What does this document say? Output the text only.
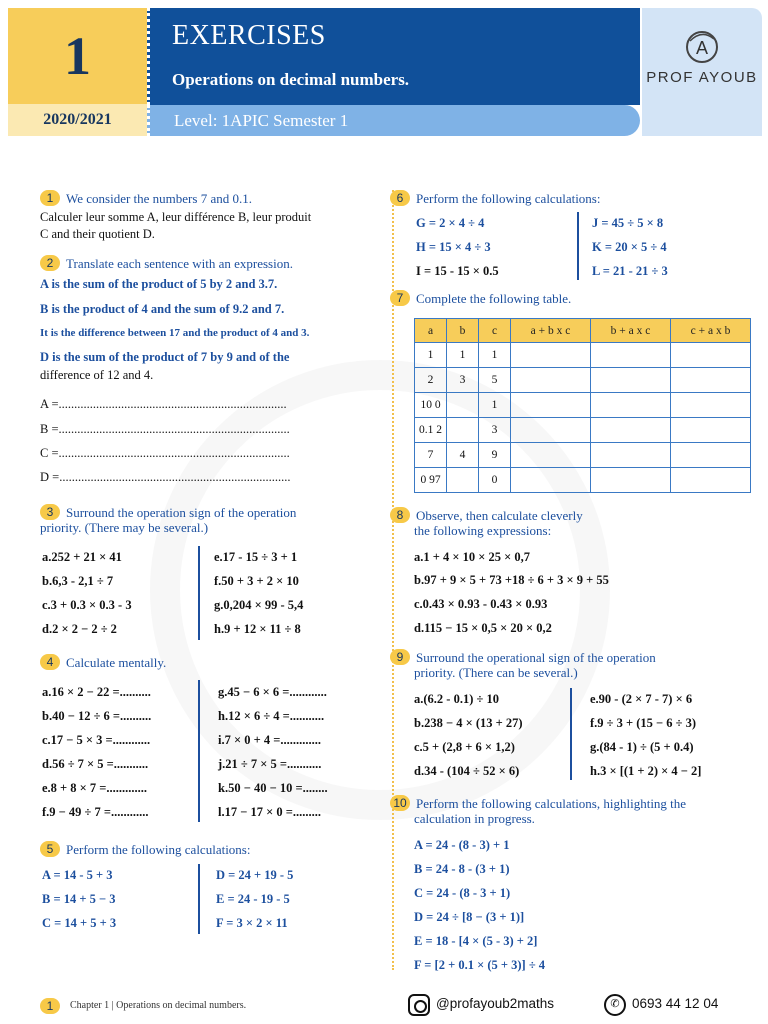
1
2020/2021
EXERCISES
Operations on decimal numbers.
Level: 1APIC Semester 1
A
PROF AYOUB
1 We consider the numbers 7 and 0.1.
Calculer leur somme A, leur différence B, leur produit
C and their quotient D.
2 Translate each sentence with an expression.
A is the sum of the product of 5 by 2 and 3.7.
B is the product of 4 and the sum of 9.2 and 7.
It is the difference between 17 and the product of 4 and 3.
D is the sum of the product of 7 by 9 and of the
difference of 12 and 4.
A =.........................................................................
B =..........................................................................
C =..........................................................................
D =..........................................................................
3 Surround the operation sign of the operation
priority. (There may be several.)
a.252 + 21 × 41
b.6,3 - 2,1 ÷ 7
c.3 + 0.3 × 0.3 - 3
d.2 × 2 − 2 ÷ 2
e.17 - 15 ÷ 3 + 1
f.50 + 3 + 2 × 10
g.0,204 × 99 - 5,4
h.9 + 12 × 11 ÷ 8
4 Calculate mentally.
a.16 × 2 − 22 =..........
b.40 − 12 ÷ 6 =..........
c.17 − 5 × 3 =............
d.56 ÷ 7 × 5 =...........
e.8 + 8 × 7 =.............
f.9 − 49 ÷ 7 =............
g.45 − 6 × 6 =............
h.12 × 6 ÷ 4 =...........
i.7 × 0 + 4 =.............
j.21 ÷ 7 × 5 =...........
k.50 − 40 − 10 =........
l.17 − 17 × 0 =.........
5 Perform the following calculations:
A = 14 - 5 + 3
B = 14 + 5 − 3
C = 14 + 5 + 3
D = 24 + 19 - 5
E = 24 - 19 - 5
F = 3 × 2 × 11
6 Perform the following calculations:
G = 2 × 4 ÷ 4
H = 15 × 4 ÷ 3
I = 15 - 15 × 0.5
J = 45 ÷ 5 × 8
K = 20 × 5 ÷ 4
L = 21 - 21 ÷ 3
7 Complete the following table.
a	b	c	a + b x c	b + a x c	c + a x b
1	1	1			
2	3	5			
10 0		1			
0.1 2		3			
7	4	9			
0 97		0			
8 Observe, then calculate cleverly
the following expressions:
a.1 + 4 × 10 × 25 × 0,7
b.97 + 9 × 5 + 73 +18 ÷ 6 + 3 × 9 + 55
c.0.43 × 0.93 - 0.43 × 0.93
d.115 − 15 × 0,5 × 20 × 0,2
9 Surround the operational sign of the operation
priority. (There can be several.)
a.(6.2 - 0.1) ÷ 10
b.238 − 4 × (13 + 27)
c.5 + (2,8 + 6 × 1,2)
d.34 - (104 ÷ 52 × 6)
e.90 - (2 × 7 - 7) × 6
f.9 ÷ 3 + (15 − 6 ÷ 3)
g.(84 - 1) ÷ (5 + 0.4)
h.3 × [(1 + 2) × 4 − 2]
10 Perform the following calculations, highlighting the
calculation in progress.
A = 24 - (8 - 3) + 1
B = 24 - 8 - (3 + 1)
C = 24 - (8 - 3 + 1)
D = 24 ÷ [8 − (3 + 1)]
E = 18 - [4 × (5 - 3) + 2]
F = [2 + 0.1 × (5 + 3)] ÷ 4
1	Chapter 1 | Operations on decimal numbers.	@profayoub2maths	✆ 0693 44 12 04
